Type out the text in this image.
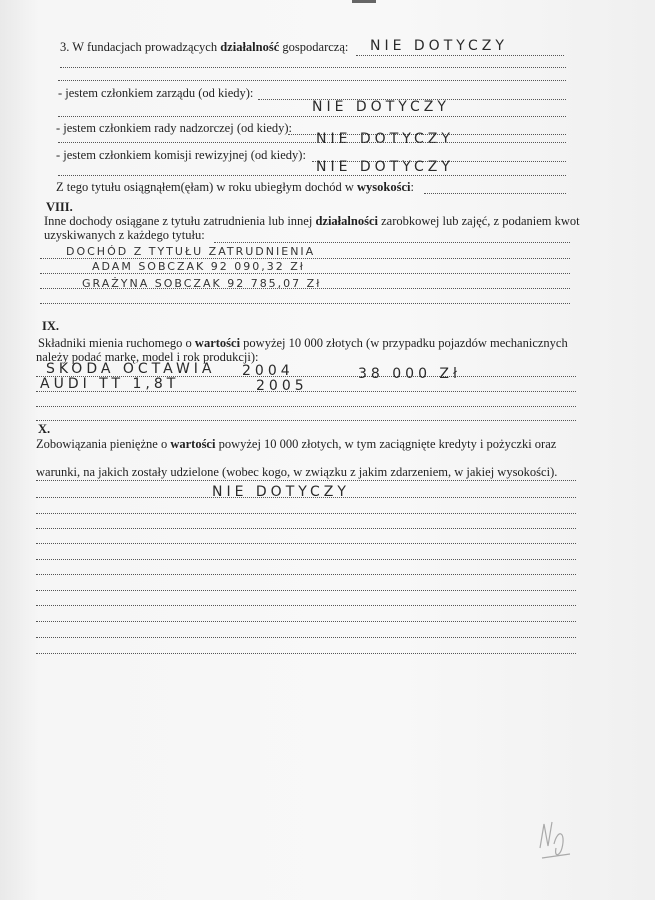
3. W fundacjach prowadzących działalność gospodarczą: NIE DOTYCZY
- jestem członkiem zarządu (od kiedy):
NIE DOTYCZY
- jestem członkiem rady nadzorczej (od kiedy):
NIE DOTYCZY
- jestem członkiem komisji rewizyjnej (od kiedy):
NIE DOTYCZY
Z tego tytułu osiągnąłem(ęłam) w roku ubiegłym dochód w wysokości:
VIII.
Inne dochody osiągane z tytułu zatrudnienia lub innej działalności zarobkowej lub zajęć, z podaniem kwot
uzyskiwanych z każdego tytułu:
DOCHÓD Z TYTUŁU ZATRUDNIENIA
ADAM SOBCZAK 92 090,32 Zł
GRAŻYNA SOBCZAK 92 785,07 Zł
IX.
Składniki mienia ruchomego o wartości powyżej 10 000 złotych (w przypadku pojazdów mechanicznych
należy podać markę, model i rok produkcji):
SKODA OCTAWIA 2004	38 000 Zł
AUDI TT 1,8T	2005
X.
Zobowiązania pieniężne o wartości powyżej 10 000 złotych, w tym zaciągnięte kredyty i pożyczki oraz
warunki, na jakich zostały udzielone (wobec kogo, w związku z jakim zdarzeniem, w jakiej wysokości).
NIE DOTYCZY
